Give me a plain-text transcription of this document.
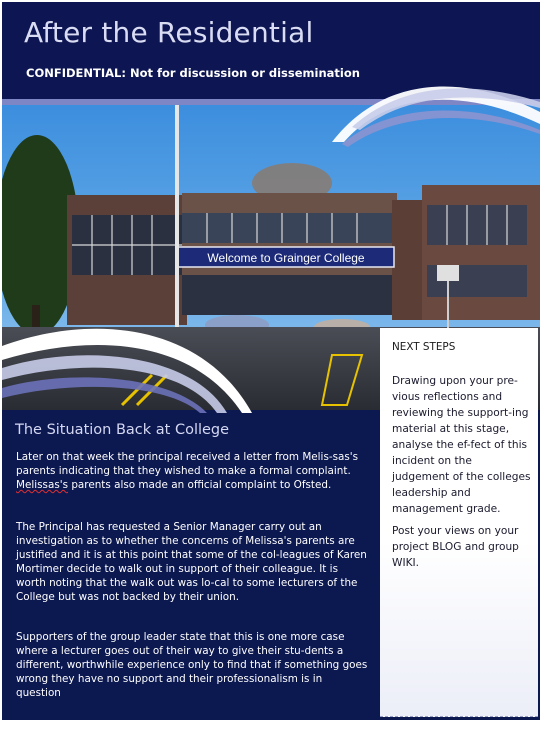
After the Residential
CONFIDENTIAL: Not for discussion or dissemination
Welcome to Grainger College
The Situation Back at College

Later on that week the principal received a letter from Melis-sas's parents indicating that they wished to make a formal complaint. Melissas's parents also made an official complaint to Ofsted.

The Principal has requested a Senior Manager carry out an investigation as to whether the concerns of Melissa's parents are justified and it is at this point that some of the col-leagues of Karen Mortimer decide to walk out in support of their colleague. It is worth noting that the walk out was lo-cal to some lecturers of the College but was not backed by their union.

Supporters of the group leader state that this is one more case where a lecturer goes out of their way to give their stu-dents a different, worthwhile experience only to find that if something goes wrong they have no support and their professionalism is in question

NEXT STEPS

Drawing upon your pre-vious reflections and reviewing the support-ing material at this stage, analyse the ef-fect of this incident on the judgement of the colleges leadership and management grade.

Post your views on your project BLOG and group WIKI.
